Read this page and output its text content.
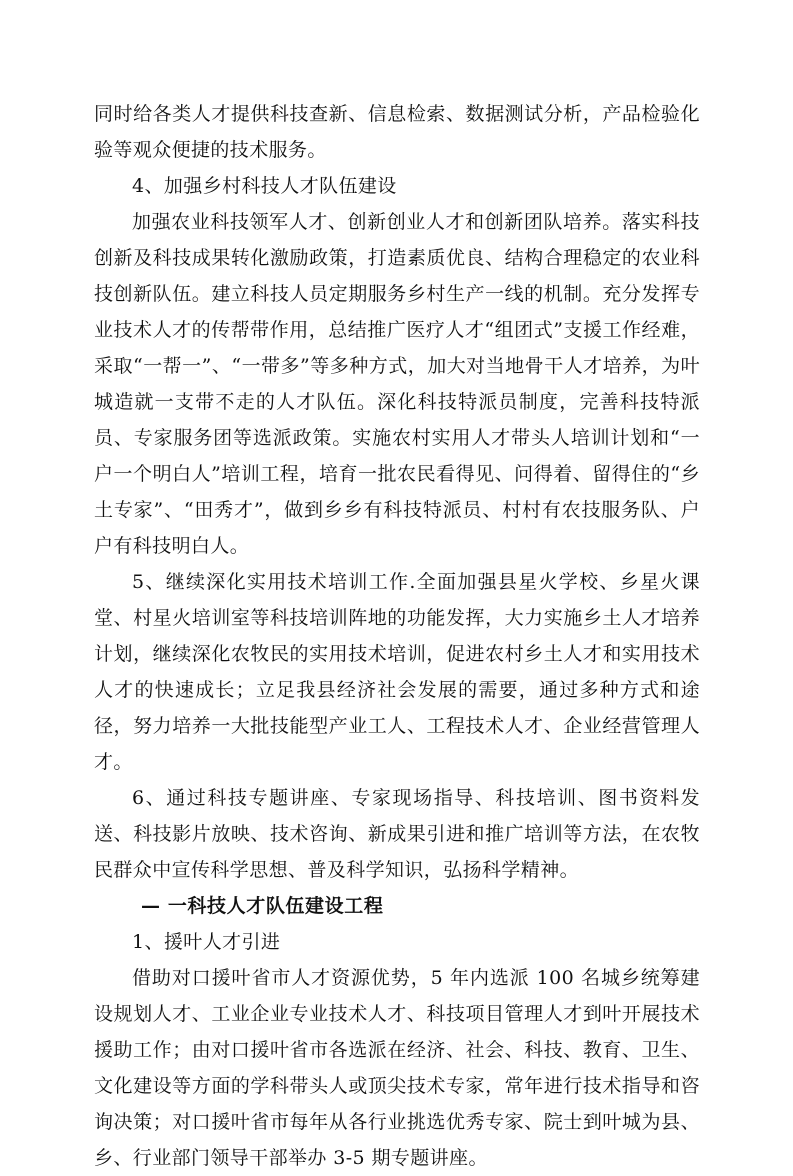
同时给各类人才提供科技查新、信息检索、数据测试分析，产品检验化验等观众便捷的技术服务。

4、加强乡村科技人才队伍建设

加强农业科技领军人才、创新创业人才和创新团队培养。落实科技创新及科技成果转化激励政策，打造素质优良、结构合理稳定的农业科技创新队伍。建立科技人员定期服务乡村生产一线的机制。充分发挥专业技术人才的传帮带作用，总结推广医疗人才“组团式”支援工作经难，采取“一帮一”、“一带多”等多种方式，加大对当地骨干人才培养，为叶城造就一支带不走的人才队伍。深化科技特派员制度，完善科技特派员、专家服务团等选派政策。实施农村实用人才带头人培训计划和“一户一个明白人”培训工程，培育一批农民看得见、问得着、留得住的“乡土专家”、“田秀才”，做到乡乡有科技特派员、村村有农技服务队、户户有科技明白人。

5、继续深化实用技术培训工作.全面加强县星火学校、乡星火课堂、村星火培训室等科技培训阵地的功能发挥，大力实施乡土人才培养计划，继续深化农牧民的实用技术培训，促进农村乡土人才和实用技术人才的快速成长；立足我县经济社会发展的需要，通过多种方式和途径，努力培养一大批技能型产业工人、工程技术人才、企业经营管理人才。

6、通过科技专题讲座、专家现场指导、科技培训、图书资料发送、科技影片放映、技术咨询、新成果引进和推广培训等方法，在农牧民群众中宣传科学思想、普及科学知识，弘扬科学精神。

— 一科技人才队伍建设工程

1、援叶人才引进

借助对口援叶省市人才资源优势，5 年内选派 100 名城乡统筹建设规划人才、工业企业专业技术人才、科技项目管理人才到叶开展技术援助工作；由对口援叶省市各选派在经济、社会、科技、教育、卫生、文化建设等方面的学科带头人或顶尖技术专家，常年进行技术指导和咨询决策；对口援叶省市每年从各行业挑选优秀专家、院士到叶城为县、乡、行业部门领导干部举办 3-5 期专题讲座。
